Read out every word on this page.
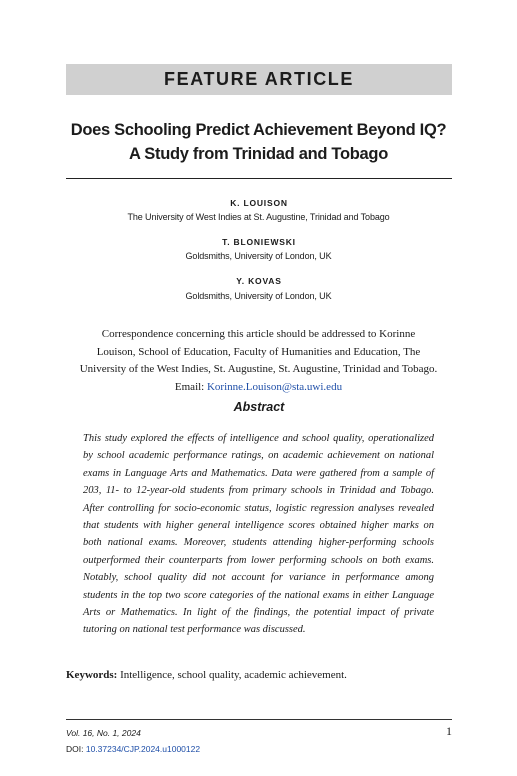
FEATURE ARTICLE
Does Schooling Predict Achievement Beyond IQ?
A Study from Trinidad and Tobago
K. LOUISON
The University of West Indies at St. Augustine, Trinidad and Tobago
T. BLONIEWSKI
Goldsmiths, University of London, UK
Y. KOVAS
Goldsmiths, University of London, UK
Correspondence concerning this article should be addressed to Korinne
Louison, School of Education, Faculty of Humanities and Education, The
University of the West Indies, St. Augustine, St. Augustine, Trinidad and Tobago.
Email: Korinne.Louison@sta.uwi.edu
Abstract
This study explored the effects of intelligence and school quality, operationalized by school academic performance ratings, on academic achievement on national exams in Language Arts and Mathematics. Data were gathered from a sample of 203, 11- to 12-year-old students from primary schools in Trinidad and Tobago. After controlling for socio-economic status, logistic regression analyses revealed that students with higher general intelligence scores obtained higher marks on both national exams. Moreover, students attending higher-performing schools outperformed their counterparts from lower performing schools on both exams. Notably, school quality did not account for variance in performance among students in the top two score categories of the national exams in either Language Arts or Mathematics. In light of the findings, the potential impact of private tutoring on national test performance was discussed.
Keywords: Intelligence, school quality, academic achievement.
Vol. 16, No. 1, 2024	1
DOI: 10.37234/CJP.2024.u1000122
